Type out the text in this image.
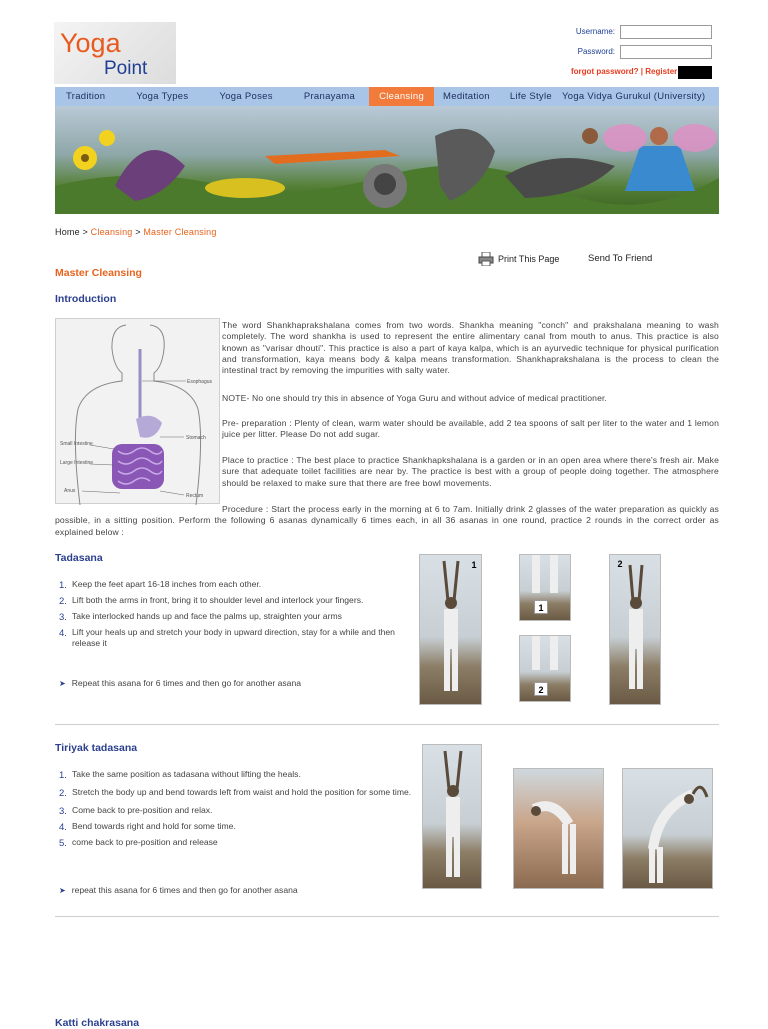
Yoga
Point
Username:
Password:
forgot password? | Register
Tradition	Yoga Types	Yoga Poses	Pranayama	Cleansing	Meditation	Life Style	Yoga Vidya Gurukul (University)
Home > Cleansing > Master Cleansing
Print This Page	Send To Friend
Master Cleansing
Introduction
Esophagus
Stomach
Small Intestine
Large Intestine
Anus
Rectum

The word Shankhaprakshalana comes from two words. Shankha meaning "conch" and prakshalana meaning to wash completely. The word shankha is used to represent the entire alimentary canal from mouth to anus. This practice is also known as "varisar dhouti". This practice is also a part of kaya kalpa, which is an ayurvedic technique for physical purification and transformation, kaya means body & kalpa means transformation. Shankhaprakshalana is the process to clean the intestinal tract by removing the impurities with salty water.

NOTE- No one should try this in absence of Yoga Guru and without advice of medical practitioner.

Pre- preparation : Plenty of clean, warm water should be available, add 2 tea spoons of salt per liter to the water and 1 lemon juice per litter. Please Do not add sugar.

Place to practice : The best place to practice Shankhapkshalana is a garden or in an open area where there's fresh air. Make sure that adequate toilet facilities are near by. The practice is best with a group of people doing together. The atmosphere should be relaxed to make sure that there are free bowl movements.

Procedure : Start the process early in the morning at 6 to 7am. Initially drink 2 glasses of the water preparation as quickly as possible, in a sitting position. Perform the following 6 asanas dynamically 6 times each, in all 36 asanas in one round, practice 2 rounds in the correct order as explained below :

Tadasana
1. Keep the feet apart 16-18 inches from each other.
2. Lift both the arms in front, bring it to shoulder level and interlock your fingers.
3. Take interlocked hands up and face the palms up, straighten your arms
4. Lift your heals up and stretch your body in upward direction, stay for a while and then release it
➤ Repeat this asana for 6 times and then go for another asana
1
1
2
2
Tiriyak tadasana
1. Take the same position as tadasana without lifting the heals.
2. Stretch the body up and bend towards left from waist and hold the position for some time.
3. Come back to pre-position and relax.
4. Bend towards right and hold for some time.
5. come back to pre-position and release
➤ repeat this asana for 6 times and then go for another asana
Katti chakrasana
